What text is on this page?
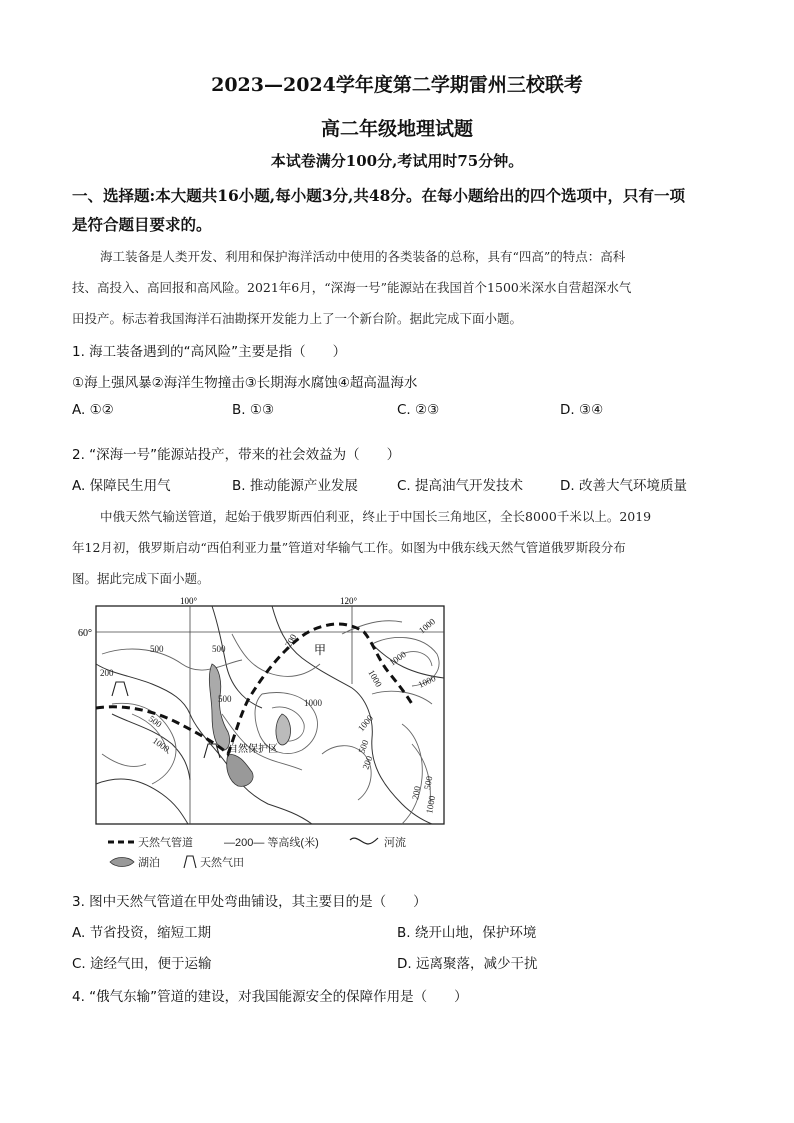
2023—2024学年度第二学期雷州三校联考
高二年级地理试题
本试卷满分100分,考试用时75分钟。
一、选择题:本大题共16小题,每小题3分,共48分。在每小题给出的四个选项中，只有一项
是符合题目要求的。
海工装备是人类开发、利用和保护海洋活动中使用的各类装备的总称，具有“四高”的特点：高科
技、高投入、高回报和高风险。2021年6月，“深海一号”能源站在我国首个1500米深水自营超深水气
田投产。标志着我国海洋石油勘探开发能力上了一个新台阶。据此完成下面小题。
1. 海工装备遇到的“高风险”主要是指（　　）
①海上强风暴②海洋生物撞击③长期海水腐蚀④超高温海水
A. ①②	B. ①③	C. ②③	D. ③④
2. “深海一号”能源站投产，带来的社会效益为（　　）
A. 保障民生用气	B. 推动能源产业发展	C. 提高油气开发技术	D. 改善大气环境质量
中俄天然气输送管道，起始于俄罗斯西伯利亚，终止于中国长三角地区，全长8000千米以上。2019
年12月初，俄罗斯启动“西伯利亚力量”管道对华输气工作。如图为中俄东线天然气管道俄罗斯段分布
图。据此完成下面小题。
100°	120°
60°
甲
自然保护区
500
200
500
500
1000
500
200
1000
1000
1000
1000
1000
1000
500
200
200
1000
500
天然气管道	—200— 等高线(米)	河流
湖泊	天然气田
3. 图中天然气管道在甲处弯曲铺设，其主要目的是（　　）
A. 节省投资，缩短工期	B. 绕开山地，保护环境
C. 途经气田，便于运输	D. 远离聚落，减少干扰
4. “俄气东输”管道的建设，对我国能源安全的保障作用是（　　）
